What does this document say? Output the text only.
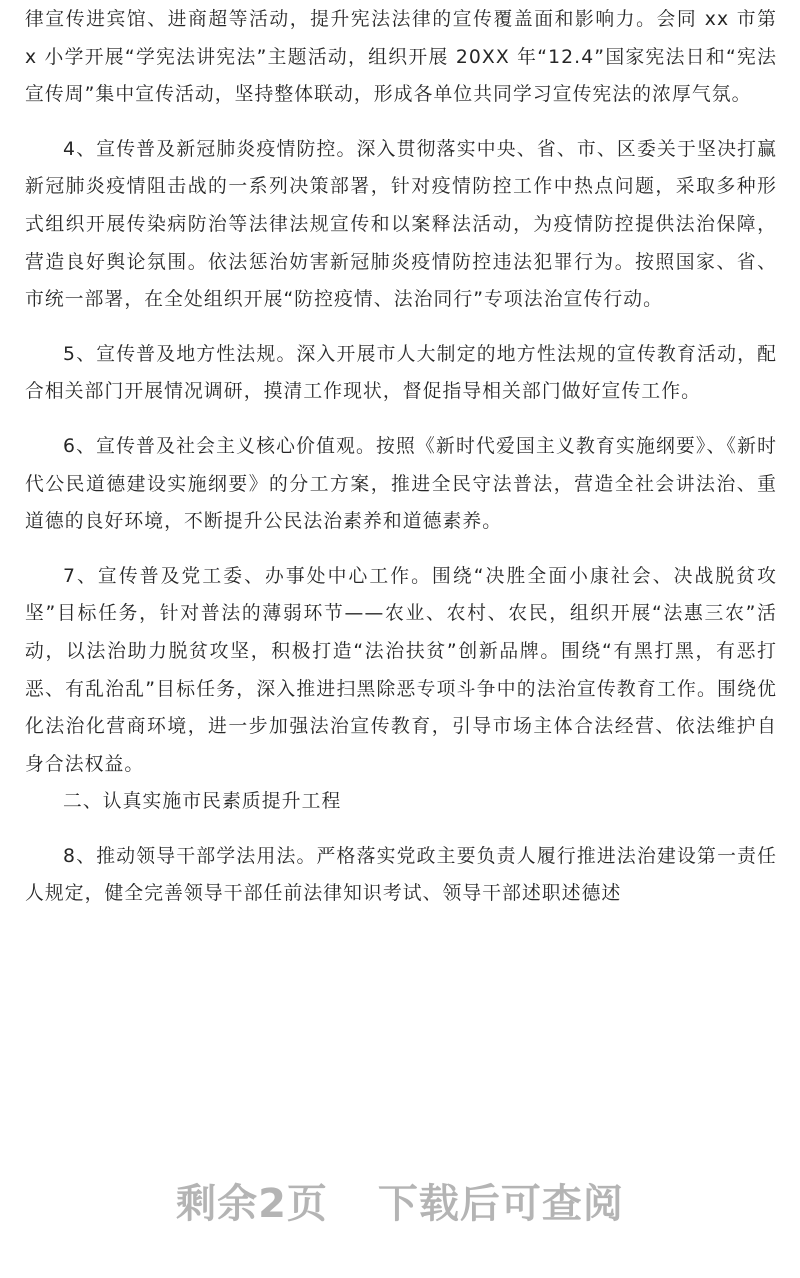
律宣传进宾馆、进商超等活动，提升宪法法律的宣传覆盖面和影响力。会同 xx 市第 x 小学开展“学宪法讲宪法”主题活动，组织开展 20XX 年“12.4”国家宪法日和“宪法宣传周”集中宣传活动，坚持整体联动，形成各单位共同学习宣传宪法的浓厚气氛。

4、宣传普及新冠肺炎疫情防控。深入贯彻落实中央、省、市、区委关于坚决打赢新冠肺炎疫情阻击战的一系列决策部署，针对疫情防控工作中热点问题，采取多种形式组织开展传染病防治等法律法规宣传和以案释法活动，为疫情防控提供法治保障，营造良好舆论氛围。依法惩治妨害新冠肺炎疫情防控违法犯罪行为。按照国家、省、市统一部署，在全处组织开展“防控疫情、法治同行”专项法治宣传行动。

5、宣传普及地方性法规。深入开展市人大制定的地方性法规的宣传教育活动，配合相关部门开展情况调研，摸清工作现状，督促指导相关部门做好宣传工作。

6、宣传普及社会主义核心价值观。按照《新时代爱国主义教育实施纲要》、《新时代公民道德建设实施纲要》的分工方案，推进全民守法普法，营造全社会讲法治、重道德的良好环境，不断提升公民法治素养和道德素养。

7、宣传普及党工委、办事处中心工作。围绕“决胜全面小康社会、决战脱贫攻坚”目标任务，针对普法的薄弱环节——农业、农村、农民，组织开展“法惠三农”活动，以法治助力脱贫攻坚，积极打造“法治扶贫”创新品牌。围绕“有黑打黑，有恶打恶、有乱治乱”目标任务，深入推进扫黑除恶专项斗争中的法治宣传教育工作。围绕优化法治化营商环境，进一步加强法治宣传教育，引导市场主体合法经营、依法维护自身合法权益。

二、认真实施市民素质提升工程

8、推动领导干部学法用法。严格落实党政主要负责人履行推进法治建设第一责任人规定，健全完善领导干部任前法律知识考试、领导干部述职述德述

剩余2页 下载后可查阅
